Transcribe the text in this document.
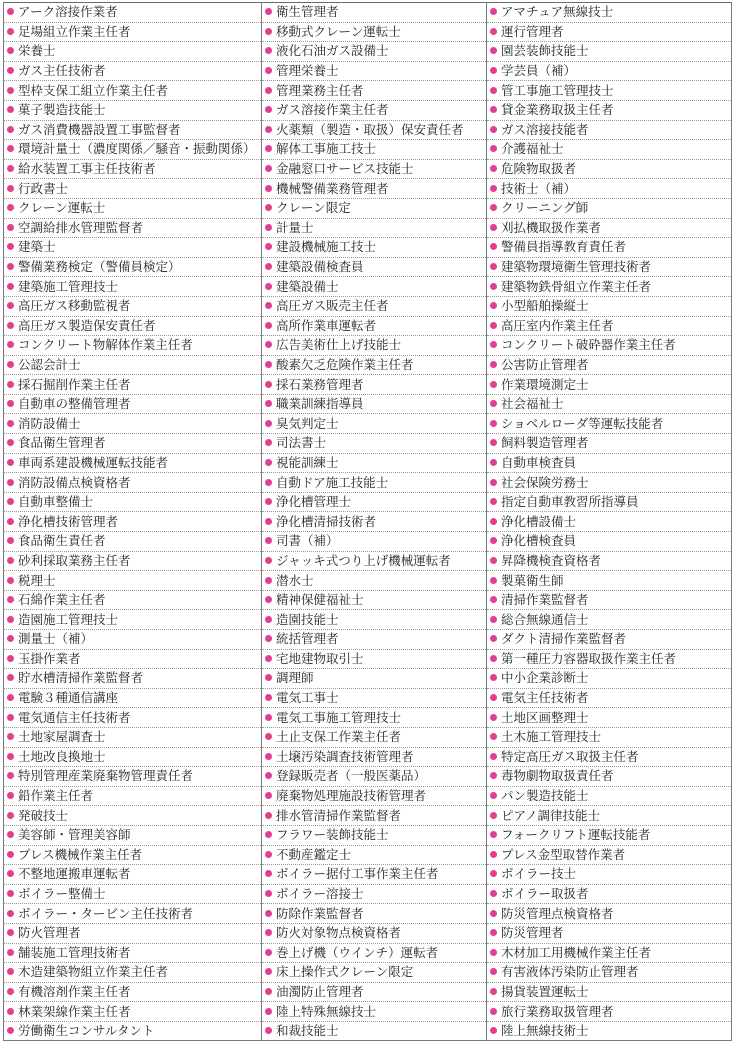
アーク溶接作業者	衛生管理者	アマチュア無線技士
足場組立作業主任者	移動式クレーン運転士	運行管理者
栄養士	液化石油ガス設備士	園芸装飾技能士
ガス主任技術者	管理栄養士	学芸員（補）
型枠支保工組立作業主任者	管理業務主任者	管工事施工管理技士
菓子製造技能士	ガス溶接作業主任者	貸金業務取扱主任者
ガス消費機器設置工事監督者	火薬類（製造・取扱）保安責任者	ガス溶接技能者
環境計量士（濃度関係／騒音・振動関係）	解体工事施工技士	介護福祉士
給水装置工事主任技術者	金融窓口サービス技能士	危険物取扱者
行政書士	機械警備業務管理者	技術士（補）
クレーン運転士	クレーン限定	クリーニング師
空調給排水管理監督者	計量士	刈払機取扱作業者
建築士	建設機械施工技士	警備員指導教育責任者
警備業務検定（警備員検定）	建築設備検査員	建築物環境衛生管理技術者
建築施工管理技士	建築設備士	建築物鉄骨組立作業主任者
高圧ガス移動監視者	高圧ガス販売主任者	小型船舶操縦士
高圧ガス製造保安責任者	高所作業車運転者	高圧室内作業主任者
コンクリート物解体作業主任者	広告美術仕上げ技能士	コンクリート破砕器作業主任者
公認会計士	酸素欠乏危険作業主任者	公害防止管理者
採石掘削作業主任者	採石業務管理者	作業環境測定士
自動車の整備管理者	職業訓練指導員	社会福祉士
消防設備士	臭気判定士	ショベルローダ等運転技能者
食品衛生管理者	司法書士	飼料製造管理者
車両系建設機械運転技能者	視能訓練士	自動車検査員
消防設備点検資格者	自動ドア施工技能士	社会保険労務士
自動車整備士	浄化槽管理士	指定自動車教習所指導員
浄化槽技術管理者	浄化槽清掃技術者	浄化槽設備士
食品衛生責任者	司書（補）	浄化槽検査員
砂利採取業務主任者	ジャッキ式つり上げ機械運転者	昇降機検査資格者
税理士	潜水士	製菓衛生師
石綿作業主任者	精神保健福祉士	清掃作業監督者
造園施工管理技士	造園技能士	総合無線通信士
測量士（補）	統括管理者	ダクト清掃作業監督者
玉掛作業者	宅地建物取引士	第一種圧力容器取扱作業主任者
貯水槽清掃作業監督者	調理師	中小企業診断士
電験３種通信講座	電気工事士	電気主任技術者
電気通信主任技術者	電気工事施工管理技士	土地区画整理士
土地家屋調査士	土止支保工作業主任者	土木施工管理技士
土地改良換地士	土壌汚染調査技術管理者	特定高圧ガス取扱主任者
特別管理産業廃棄物管理責任者	登録販売者（一般医薬品）	毒物劇物取扱責任者
鉛作業主任者	廃棄物処理施設技術管理者	パン製造技能士
発破技士	排水管清掃作業監督者	ピアノ調律技能士
美容師・管理美容師	フラワー装飾技能士	フォークリフト運転技能者
プレス機械作業主任者	不動産鑑定士	プレス金型取替作業者
不整地運搬車運転者	ボイラー据付工事作業主任者	ボイラー技士
ボイラー整備士	ボイラー溶接士	ボイラー取扱者
ボイラー・タービン主任技術者	防除作業監督者	防災管理点検資格者
防火管理者	防火対象物点検資格者	防災管理者
舗装施工管理技術者	巻上げ機（ウインチ）運転者	木材加工用機械作業主任者
木造建築物組立作業主任者	床上操作式クレーン限定	有害液体汚染防止管理者
有機溶剤作業主任者	油濁防止管理者	揚貨装置運転士
林業架線作業主任者	陸上特殊無線技士	旅行業務取扱管理者
労働衛生コンサルタント	和裁技能士	陸上無線技術士
